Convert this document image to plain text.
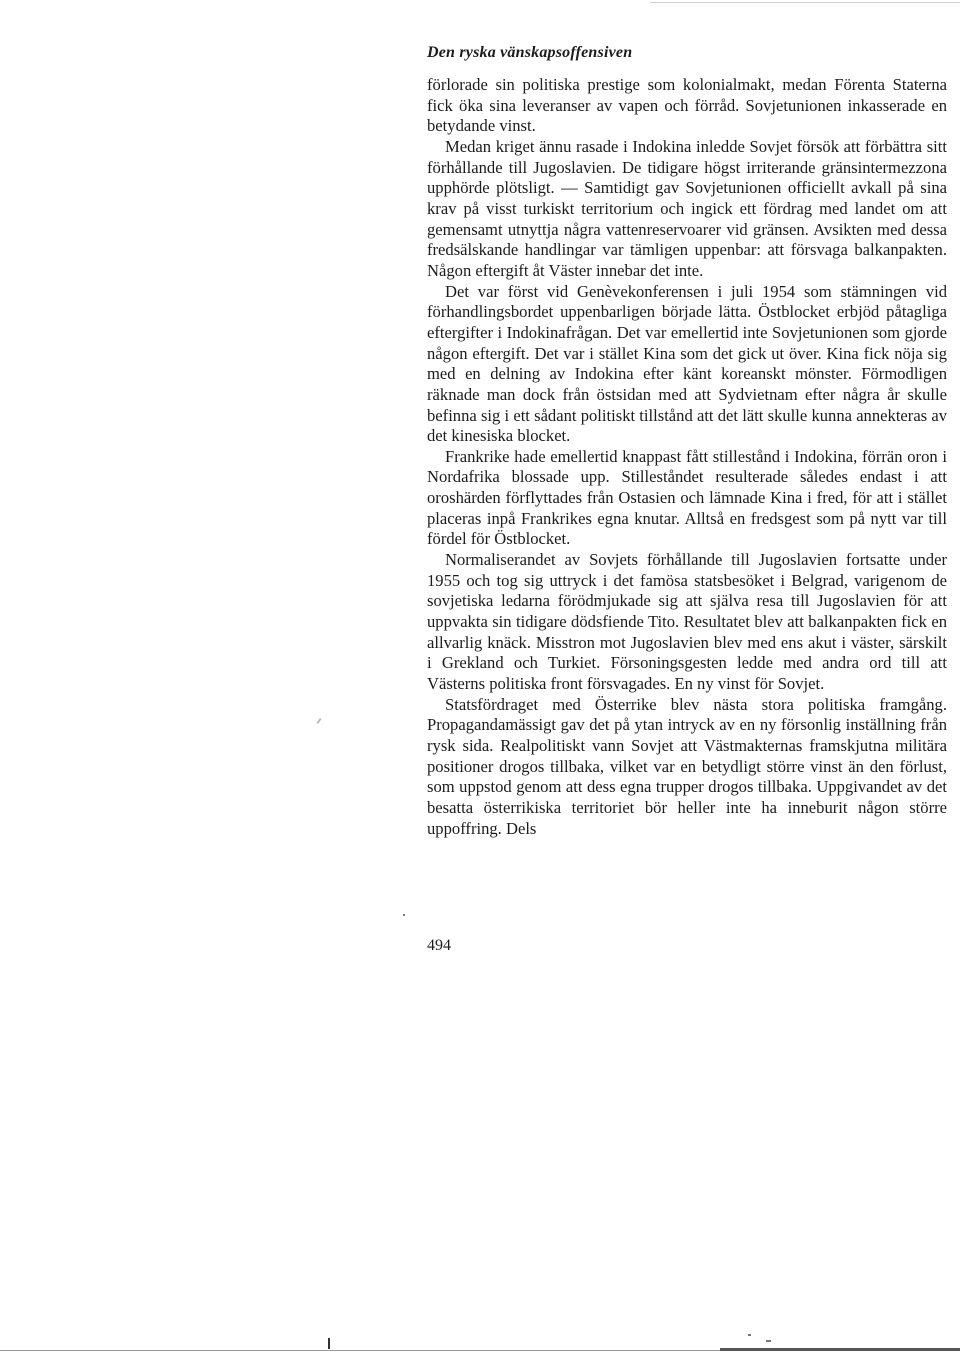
Den ryska vänskapsoffensiven

förlorade sin politiska prestige som kolonialmakt, medan Förenta Staterna fick öka sina leveranser av vapen och förråd. Sovjetunionen inkasserade en betydande vinst.

Medan kriget ännu rasade i Indokina inledde Sovjet försök att förbättra sitt förhållande till Jugoslavien. De tidigare högst irriterande gränsintermezzona upphörde plötsligt. — Samtidigt gav Sovjetunionen officiellt avkall på sina krav på visst turkiskt territorium och ingick ett fördrag med landet om att gemensamt utnyttja några vattenreservoarer vid gränsen. Avsikten med dessa fredsälskande handlingar var tämligen uppenbar: att försvaga balkanpakten. Någon eftergift åt Väster innebar det inte.

Det var först vid Genèvekonferensen i juli 1954 som stämningen vid förhandlingsbordet uppenbarligen började lätta. Östblocket erbjöd påtagliga eftergifter i Indokinafrågan. Det var emellertid inte Sovjetunionen som gjorde någon eftergift. Det var i stället Kina som det gick ut över. Kina fick nöja sig med en delning av Indokina efter känt koreanskt mönster. Förmodligen räknade man dock från östsidan med att Sydvietnam efter några år skulle befinna sig i ett sådant politiskt tillstånd att det lätt skulle kunna annekteras av det kinesiska blocket.

Frankrike hade emellertid knappast fått stillestånd i Indokina, förrän oron i Nordafrika blossade upp. Stilleståndet resulterade således endast i att oroshärden förflyttades från Ostasien och lämnade Kina i fred, för att i stället placeras inpå Frankrikes egna knutar. Alltså en fredsgest som på nytt var till fördel för Östblocket.

Normaliserandet av Sovjets förhållande till Jugoslavien fortsatte under 1955 och tog sig uttryck i det famösa statsbesöket i Belgrad, varigenom de sovjetiska ledarna förödmjukade sig att själva resa till Jugoslavien för att uppvakta sin tidigare dödsfiende Tito. Resultatet blev att balkanpakten fick en allvarlig knäck. Misstron mot Jugoslavien blev med ens akut i väster, särskilt i Grekland och Turkiet. Försoningsgesten ledde med andra ord till att Västerns politiska front försvagades. En ny vinst för Sovjet.

Statsfördraget med Österrike blev nästa stora politiska framgång. Propagandamässigt gav det på ytan intryck av en ny försonlig inställning från rysk sida. Realpolitiskt vann Sovjet att Västmakternas framskjutna militära positioner drogos tillbaka, vilket var en betydligt större vinst än den förlust, som uppstod genom att dess egna trupper drogos tillbaka. Uppgivandet av det besatta österrikiska territoriet bör heller inte ha inneburit någon större uppoffring. Dels

494
